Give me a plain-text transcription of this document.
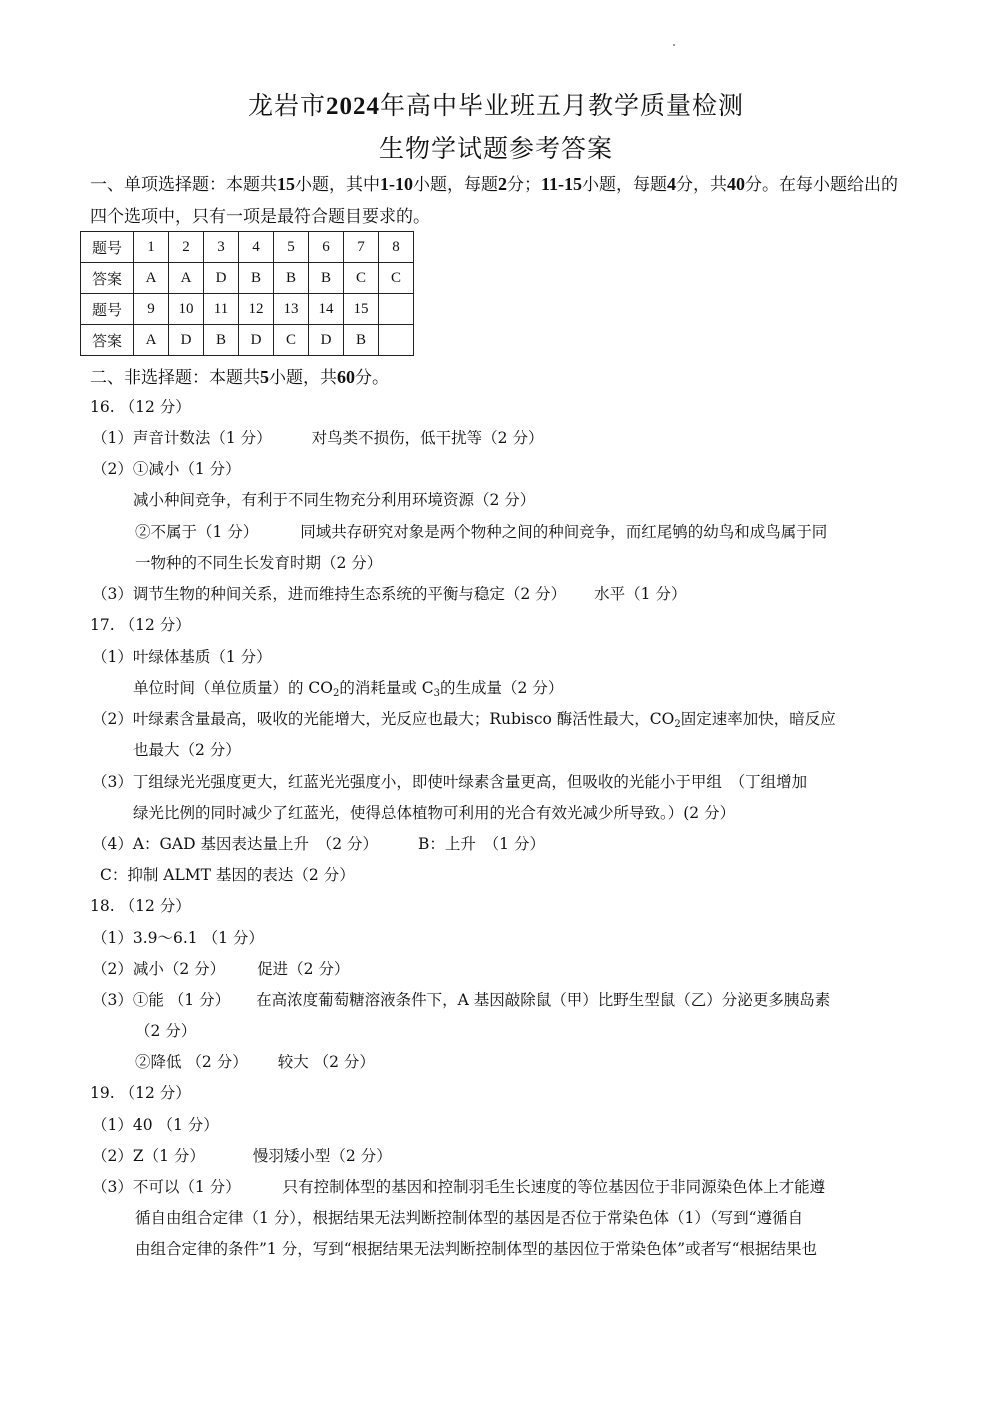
龙岩市2024年高中毕业班五月教学质量检测
生物学试题参考答案
一、单项选择题：本题共15小题，其中1-10小题，每题2分；11-15小题，每题4分，共40分。在每小题给出的四个选项中，只有一项是最符合题目要求的。
题号	1	2	3	4	5	6	7	8
答案	A	A	D	B	B	B	C	C
题号	9	10	11	12	13	14	15	
答案	A	D	B	D	C	D	B	
二、非选择题：本题共5小题，共60分。
16. （12 分）
（1）声音计数法（1 分）	对鸟类不损伤，低干扰等（2 分）
（2）①减小（1 分）
减小种间竞争，有利于不同生物充分利用环境资源（2 分）
②不属于（1 分）	同域共存研究对象是两个物种之间的种间竞争，而红尾鸲的幼鸟和成鸟属于同
一物种的不同生长发育时期（2 分）
（3）调节生物的种间关系，进而维持生态系统的平衡与稳定（2 分） 水平（1 分）
17. （12 分）
（1）叶绿体基质（1 分）
单位时间（单位质量）的 $CO_2$的消耗量或 $C_3$的生成量（2 分）
（2）叶绿素含量最高，吸收的光能增大，光反应也最大；Rubisco 酶活性最大，$CO_2$固定速率加快，暗反应
也最大（2 分）
（3）丁组绿光光强度更大，红蓝光光强度小，即使叶绿素含量更高，但吸收的光能小于甲组　（丁组增加
绿光比例的同时减少了红蓝光，使得总体植物可利用的光合有效光减少所导致。）(2 分）
（4）A：GAD 基因表达量上升　（2 分）	B：上升　（1 分）
C：抑制 ALMT 基因的表达（2 分）
18. （12 分）
（1）3.9～6.1 （1 分）
（2）减小（2 分） 促进（2 分）
（3）①能 （1 分） 在高浓度葡萄糖溶液条件下，A 基因敲除鼠（甲）比野生型鼠（乙）分泌更多胰岛素
（2 分）
②降低 （2 分） 较大 （2 分）
19. （12 分）
（1）40 （1 分）
（2）Z（1 分）	慢羽矮小型（2 分）
（3）不可以（1 分）	只有控制体型的基因和控制羽毛生长速度的等位基因位于非同源染色体上才能遵
循自由组合定律（1 分），根据结果无法判断控制体型的基因是否位于常染色体（1）（写到“遵循自
由组合定律的条件”1 分，写到“根据结果无法判断控制体型的基因位于常染色体”或者写“根据结果也
